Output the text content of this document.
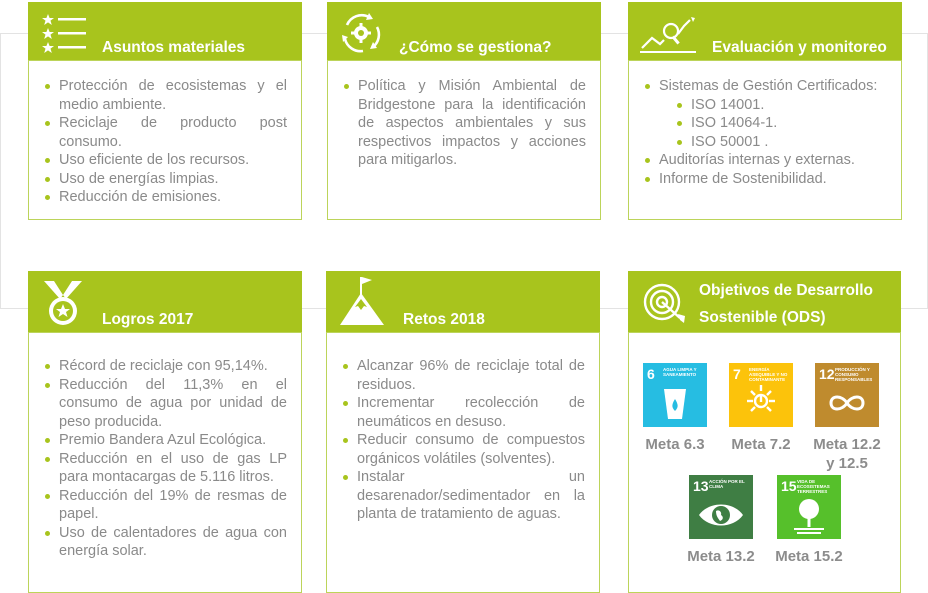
Asuntos materiales
Protección de ecosistemas y el medio ambiente.
Reciclaje de producto post consumo.
Uso eficiente de los recursos.
Uso de energías limpias.
Reducción de emisiones.
¿Cómo se gestiona?
Política y Misión Ambiental de Bridgestone para la identificación de aspectos ambientales y sus respectivos impactos y acciones para mitigarlos.
Evaluación y monitoreo
Sistemas de Gestión Certificados:
ISO 14001.
ISO 14064-1.
ISO 50001 .
Auditorías internas y externas.
Informe de Sostenibilidad.
Logros 2017
Récord de reciclaje con 95,14%.
Reducción del 11,3% en el consumo de agua por unidad de peso producida.
Premio Bandera Azul Ecológica.
Reducción en el uso de gas LP para montacargas de 5.116 litros.
Reducción del 19% de resmas de papel.
Uso de calentadores de agua con energía solar.
Retos 2018
Alcanzar 96% de reciclaje total de residuos.
Incrementar recolección de neumáticos en desuso.
Reducir consumo de compuestos orgánicos volátiles (solventes).
Instalar un desarenador/sedimentador en la planta de tratamiento de aguas.
Objetivos de Desarrollo
Sostenible (ODS)
6 AGUA LIMPIA Y SANEAMIENTO	7 ENERGÍA ASEQUIBLE Y NO CONTAMINANTE	12 PRODUCCIÓN Y CONSUMO RESPONSABLES
Meta 6.3	Meta 7.2	Meta 12.2
y 12.5
13 ACCIÓN POR EL CLIMA	15 VIDA DE ECOSISTEMAS TERRESTRES
Meta 13.2	Meta 15.2
